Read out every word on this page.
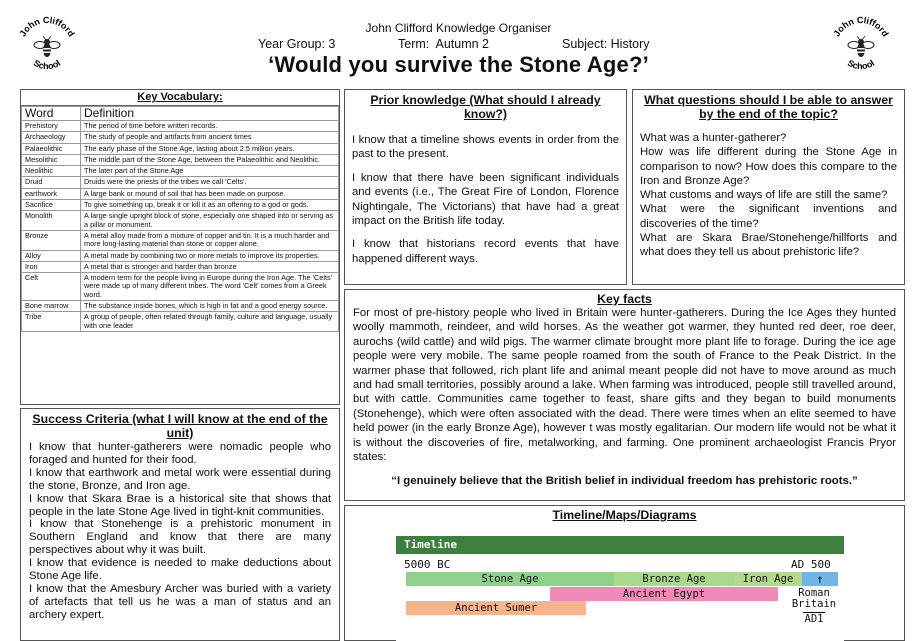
John Clifford
School
John Clifford
School
John Clifford Knowledge Organiser
Year Group: 3	Term:  Autumn 2	Subject: History
‘Would you survive the Stone Age?’
Key Vocabulary:
Word	Definition
Prehistory	The period of time before written records.
Archaeology	The study of people and artifacts from ancient times
Palaeolithic	The early phase of the Stone Age, lasting about 2.5 million years.
Mesolithic	The middle part of the Stone Age, between the Palaeolithic and Neolithic.
Neolithic	The later part of the Stone Age
Druid	Druids were the priests of the tribes we call 'Celts'.
earthwork	A large bank or mound of soil that has been made on purpose.
Sacrifice	To give something up, break it or kill it as an offering to a god or gods.
Monolith	A large single upright block of stone, especially one shaped into or serving as a pillar or monument.
Bronze	A metal alloy made from a mixture of copper and tin. It is a much harder and more long-lasting material than stone or copper alone.
Alloy	A metal made by combining two or more metals to improve its properties.
Iron	A metal that is stronger and harder than bronze
Celt	A modern term for the people living in Europe during the Iron Age. The 'Celts' were made up of many different tribes. The word 'Celt' comes from a Greek word.
Bone marrow	The substance inside bones, which is high in fat and a good energy source.
Tribe	A group of people, often related through family, culture and language, usually with one leader
Success Criteria (what I will know at the end of the unit)

I know that hunter-gatherers were nomadic people who foraged and hunted for their food.

I know that earthwork and metal work were essential during the stone, Bronze, and Iron age.

I know that Skara Brae is a historical site that shows that people in the late Stone Age lived in tight-knit communities.

I know that Stonehenge is a prehistoric monument in Southern England and know that there are many perspectives about why it was built.

I know that evidence is needed to make deductions about Stone Age life.

I know that the Amesbury Archer was buried with a variety of artefacts that tell us he was a man of status and an archery expert.

Prior knowledge (What should I already know?)

I know that a timeline shows events in order from the past to the present.

I know that there have been significant individuals and events (i.e., The Great Fire of London, Florence Nightingale, The Victorians) that have had a great impact on the British life today.

I know that historians record events that have happened different ways.

What questions should I be able to answer by the end of the topic?

What was a hunter-gatherer?

How was life different during the Stone Age in comparison to now? How does this compare to the Iron and Bronze Age?

What customs and ways of life are still the same?

What were the significant inventions and discoveries of the time?

What are Skara Brae/Stonehenge/hillforts and what does they tell us about prehistoric life?

Key facts

For most of pre-history people who lived in Britain were hunter-gatherers. During the Ice Ages they hunted woolly mammoth, reindeer, and wild horses. As the weather got warmer, they hunted red deer, roe deer, aurochs (wild cattle) and wild pigs. The warmer climate brought more plant life to forage. During the ice age people were very mobile. The same people roamed from the south of France to the Peak District. In the warmer phase that followed, rich plant life and animal meant people did not have to move around as much and had small territories, possibly around a lake. When farming was introduced, people still travelled around, but with cattle. Communities came together to feast, share gifts and they began to build monuments (Stonehenge), which were often associated with the dead. There were times when an elite seemed to have held power (in the early Bronze Age), however t was mostly egalitarian. Our modern life would not be what it is without the discoveries of fire, metalworking, and farming. One prominent archaeologist Francis Pryor states:

“I genuinely believe that the British belief in individual freedom has prehistoric roots.”

Timeline/Maps/Diagrams
Timeline
5000 BC	AD 500
Stone Age	Bronze Age	Iron Age	↑
Ancient Egypt
Ancient Sumer
Roman
Britain
AD1
